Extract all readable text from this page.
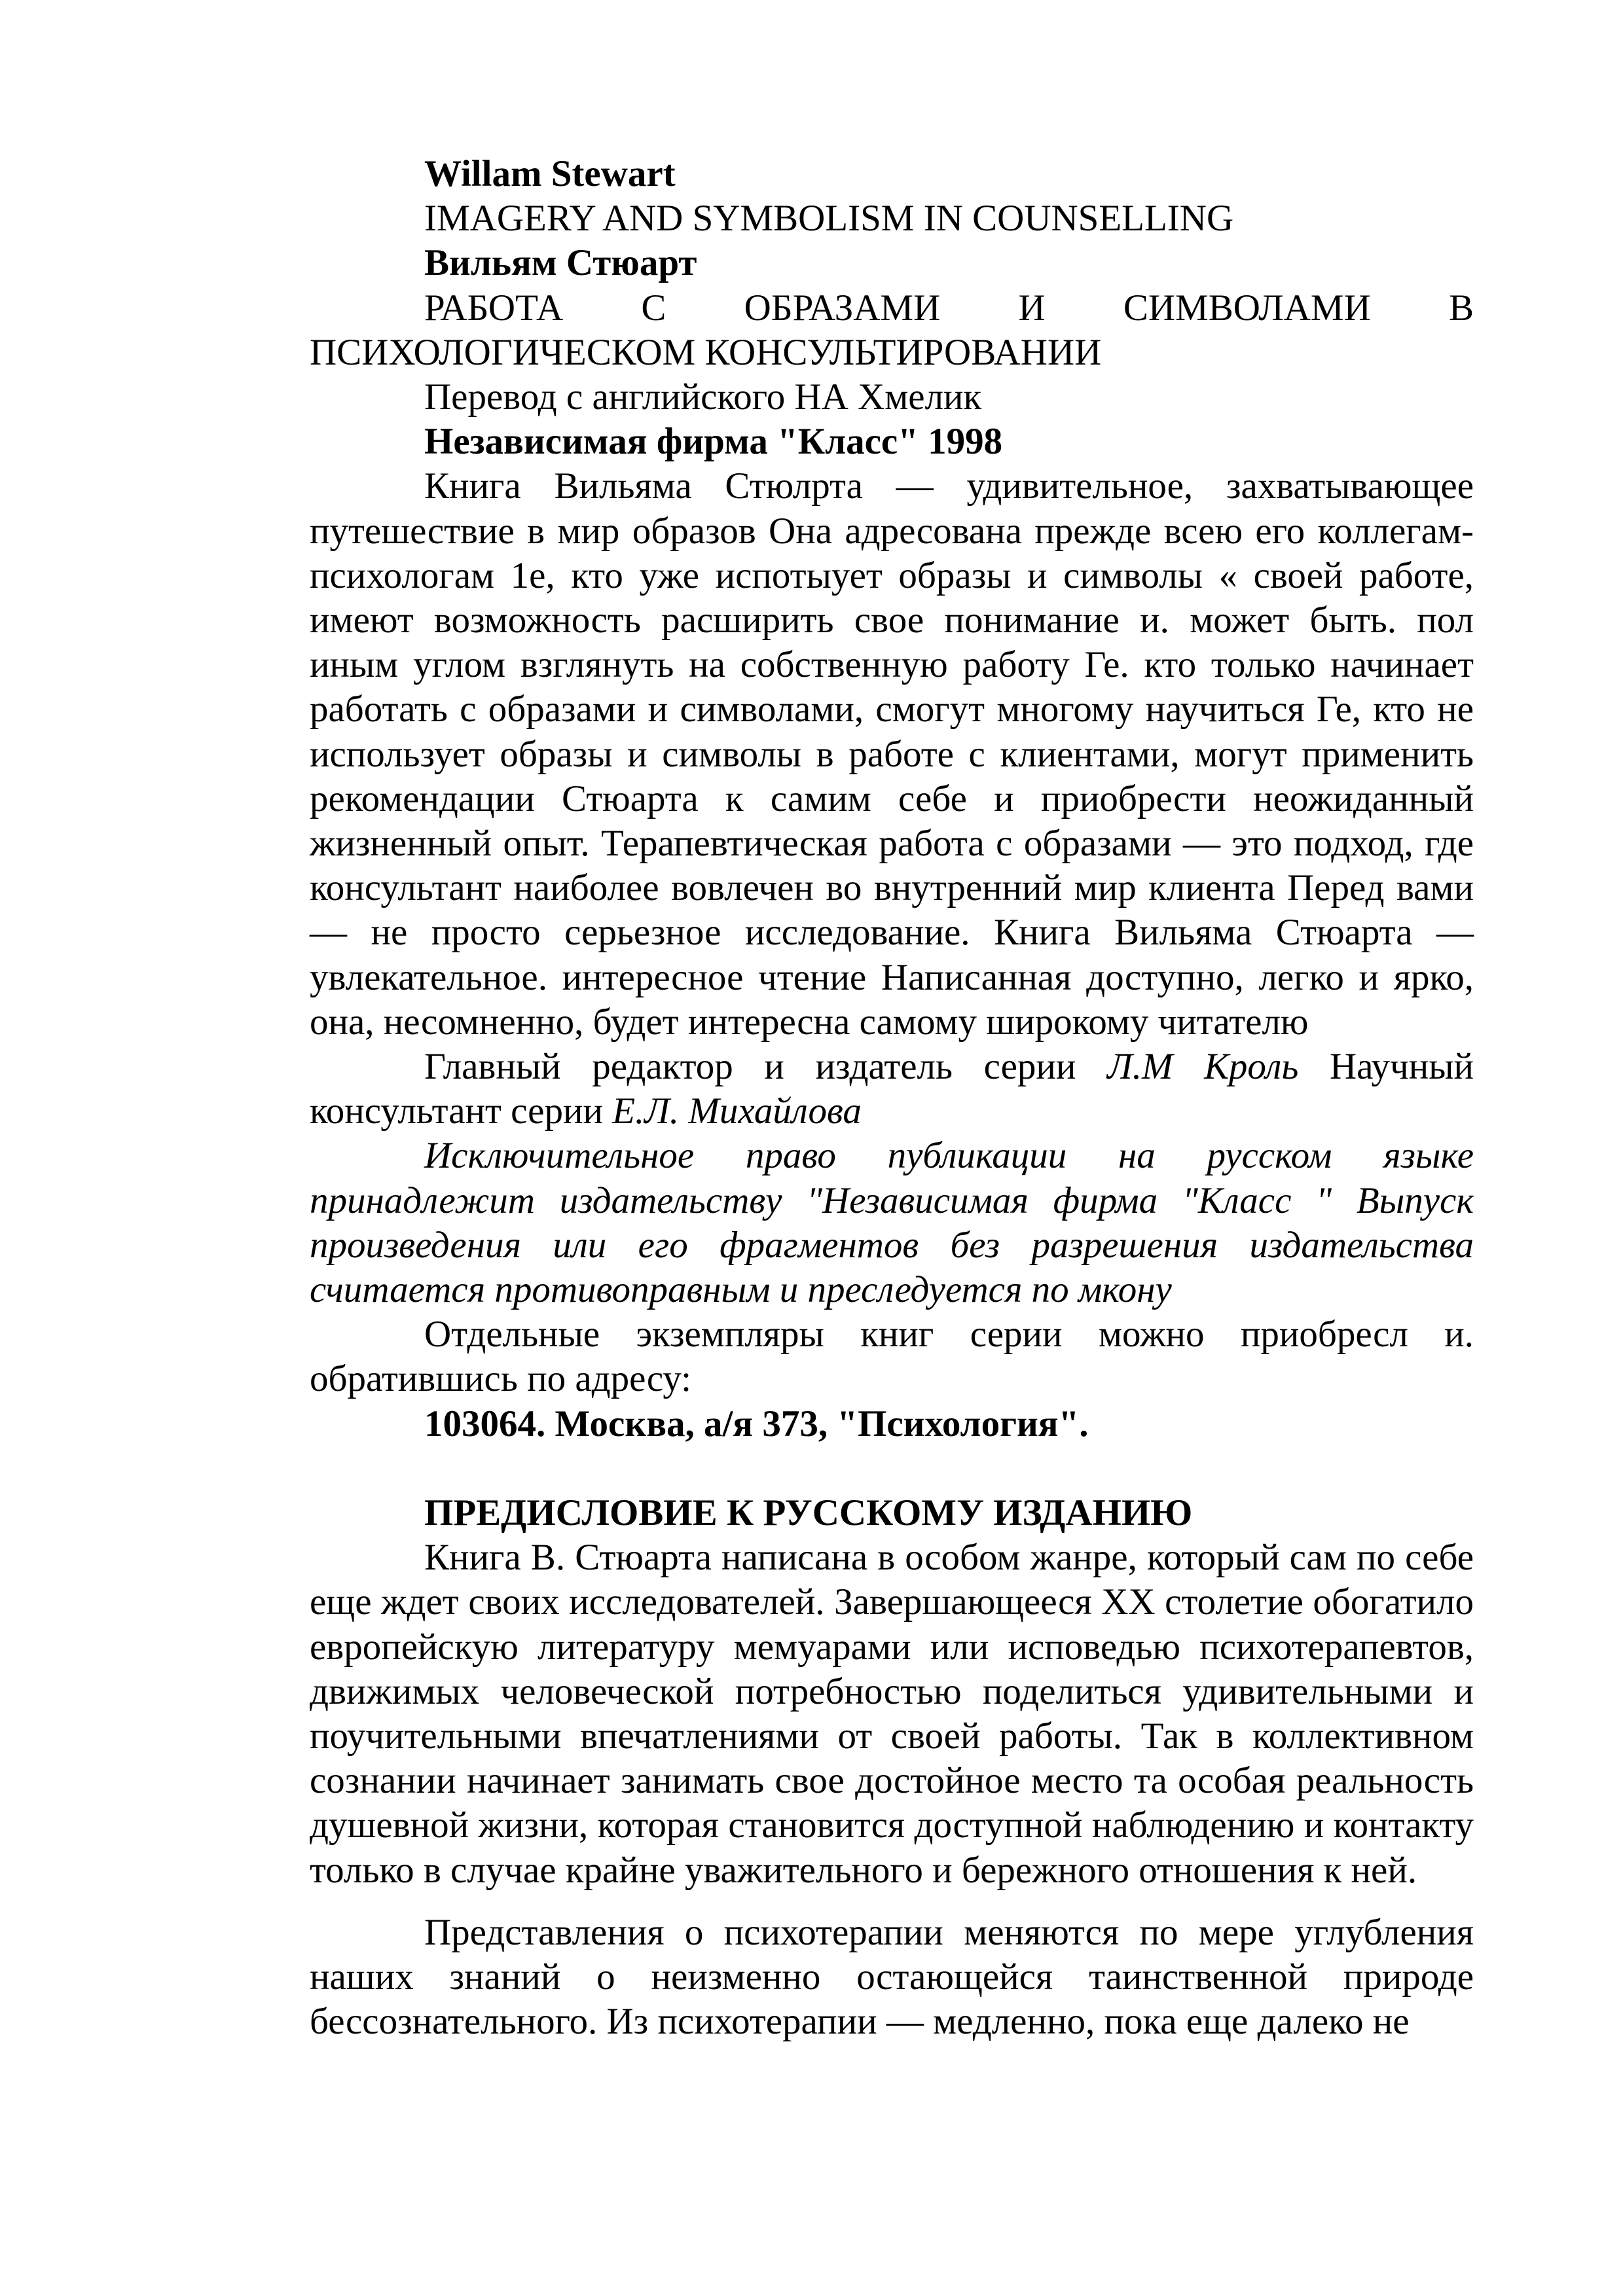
Willam Stewart

IMAGERY AND SYMBOLISM IN COUNSELLING

Вильям Стюарт

РАБОТА С ОБРАЗАМИ И СИМВОЛАМИ В ПСИХОЛОГИЧЕСКОМ КОНСУЛЬТИРОВАНИИ

Перевод с английского НА Хмелик

Независимая фирма "Класс" 1998

Книга Вильяма Стюлрта — удивительное, захватывающее путешествие в мир образов Она адресована прежде всею его коллегам-психологам 1е, кто уже испотыует образы и символы « своей работе, имеют возможность расширить свое понимание и. может быть. пол иным углом взглянуть на собственную работу Ге. кто только начинает работать с образами и символами, смогут многому научиться Ге, кто не использует образы и символы в работе с клиентами, могут применить рекомендации Стюарта к самим себе и приобрести неожиданный жизненный опыт. Терапевтическая работа с образами — это подход, где консультант наиболее вовлечен во внутренний мир клиента Перед вами — не просто серьезное исследование. Книга Вильяма Стюарта — увлекательное. интересное чтение Написанная доступно, легко и ярко, она, несомненно, будет интересна самому широкому читателю

Главный редактор и издатель серии Л.М Кроль Научный консультант серии Е.Л. Михайлова

Исключительное право публикации на русском языке принадлежит издательству "Независимая фирма "Класс " Выпуск произведения или его фрагментов без разрешения издательства считается противоправным и преследуется по мкону

Отдельные экземпляры книг серии можно приобресл и. обратившись по адресу:

103064. Москва, а/я 373, "Психология".

ПРЕДИСЛОВИЕ К РУССКОМУ ИЗДАНИЮ

Книга В. Стюарта написана в особом жанре, который сам по себе еще ждет своих исследователей. Завершающееся XX столетие обогатило европейскую литературу мемуарами или исповедью психотерапевтов, движимых человеческой потребностью поделиться удивительными и поучительными впечатлениями от своей работы. Так в коллективном сознании начинает занимать свое достойное место та особая реальность душевной жизни, которая становится доступной наблюдению и контакту только в случае крайне уважительного и бережного отношения к ней.

Представления о психотерапии меняются по мере углубления наших знаний о неизменно остающейся таинственной природе бессознательного. Из психотерапии — медленно, пока еще далеко не
